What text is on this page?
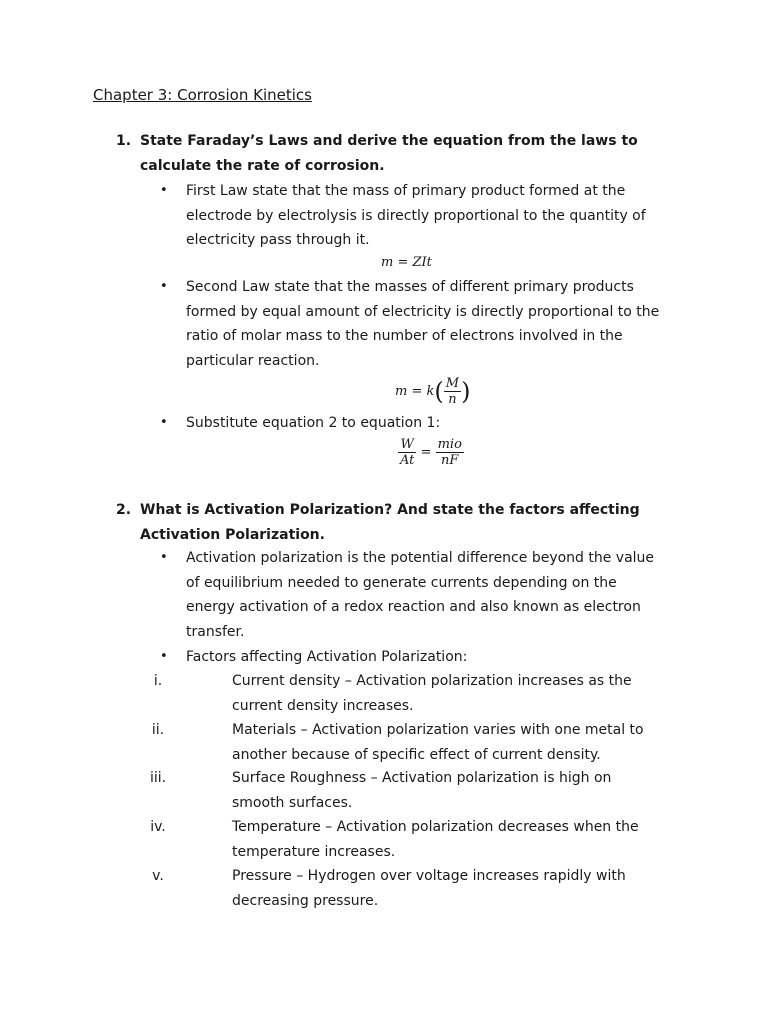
Chapter 3: Corrosion Kinetics
1. State Faraday’s Laws and derive the equation from the laws to calculate the rate of corrosion.
• First Law state that the mass of primary product formed at the electrode by electrolysis is directly proportional to the quantity of electricity pass through it.
m = ZIt
• Second Law state that the masses of different primary products formed by equal amount of electricity is directly proportional to the ratio of molar mass to the number of electrons involved in the particular reaction.
$m = k( \frac{M}{n}$ )
• Substitute equation 2 to equation 1:
$\frac{W}{At} = \frac{\text{mio}}{nF}$
2. What is Activation Polarization? And state the factors affecting Activation Polarization.
• Activation polarization is the potential difference beyond the value of equilibrium needed to generate currents depending on the energy activation of a redox reaction and also known as electron transfer.
• Factors affecting Activation Polarization:
i.	Current density – Activation polarization increases as the current density increases.
ii.	Materials – Activation polarization varies with one metal to another because of specific effect of current density.
iii.	Surface Roughness – Activation polarization is high on smooth surfaces.
iv.	Temperature – Activation polarization decreases when the temperature increases.
v.	Pressure – Hydrogen over voltage increases rapidly with decreasing pressure.
